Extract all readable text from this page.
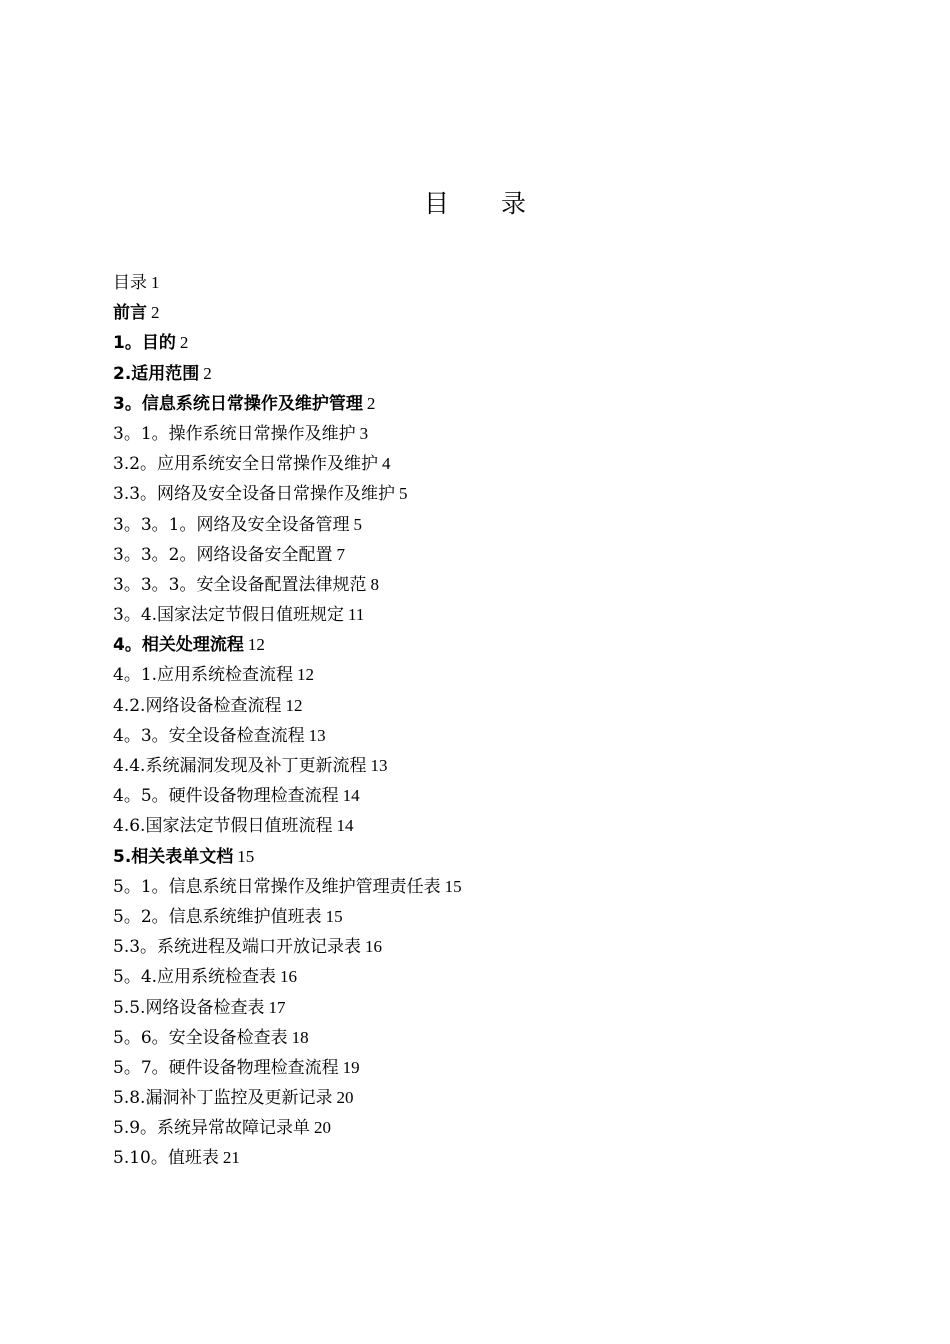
目 录
目录 1
前言 2
1。目的 2
2.适用范围 2
3。信息系统日常操作及维护管理 2
3。1。操作系统日常操作及维护 3
3.2。应用系统安全日常操作及维护 4
3.3。网络及安全设备日常操作及维护 5
3。3。1。网络及安全设备管理 5
3。3。2。网络设备安全配置 7
3。3。3。安全设备配置法律规范 8
3。4.国家法定节假日值班规定 11
4。相关处理流程 12
4。1.应用系统检查流程 12
4.2.网络设备检查流程 12
4。3。安全设备检查流程 13
4.4.系统漏洞发现及补丁更新流程 13
4。5。硬件设备物理检查流程 14
4.6.国家法定节假日值班流程 14
5.相关表单文档 15
5。1。信息系统日常操作及维护管理责任表 15
5。2。信息系统维护值班表 15
5.3。系统进程及端口开放记录表 16
5。4.应用系统检查表 16
5.5.网络设备检查表 17
5。6。安全设备检查表 18
5。7。硬件设备物理检查流程 19
5.8.漏洞补丁监控及更新记录 20
5.9。系统异常故障记录单 20
5.10。值班表 21
